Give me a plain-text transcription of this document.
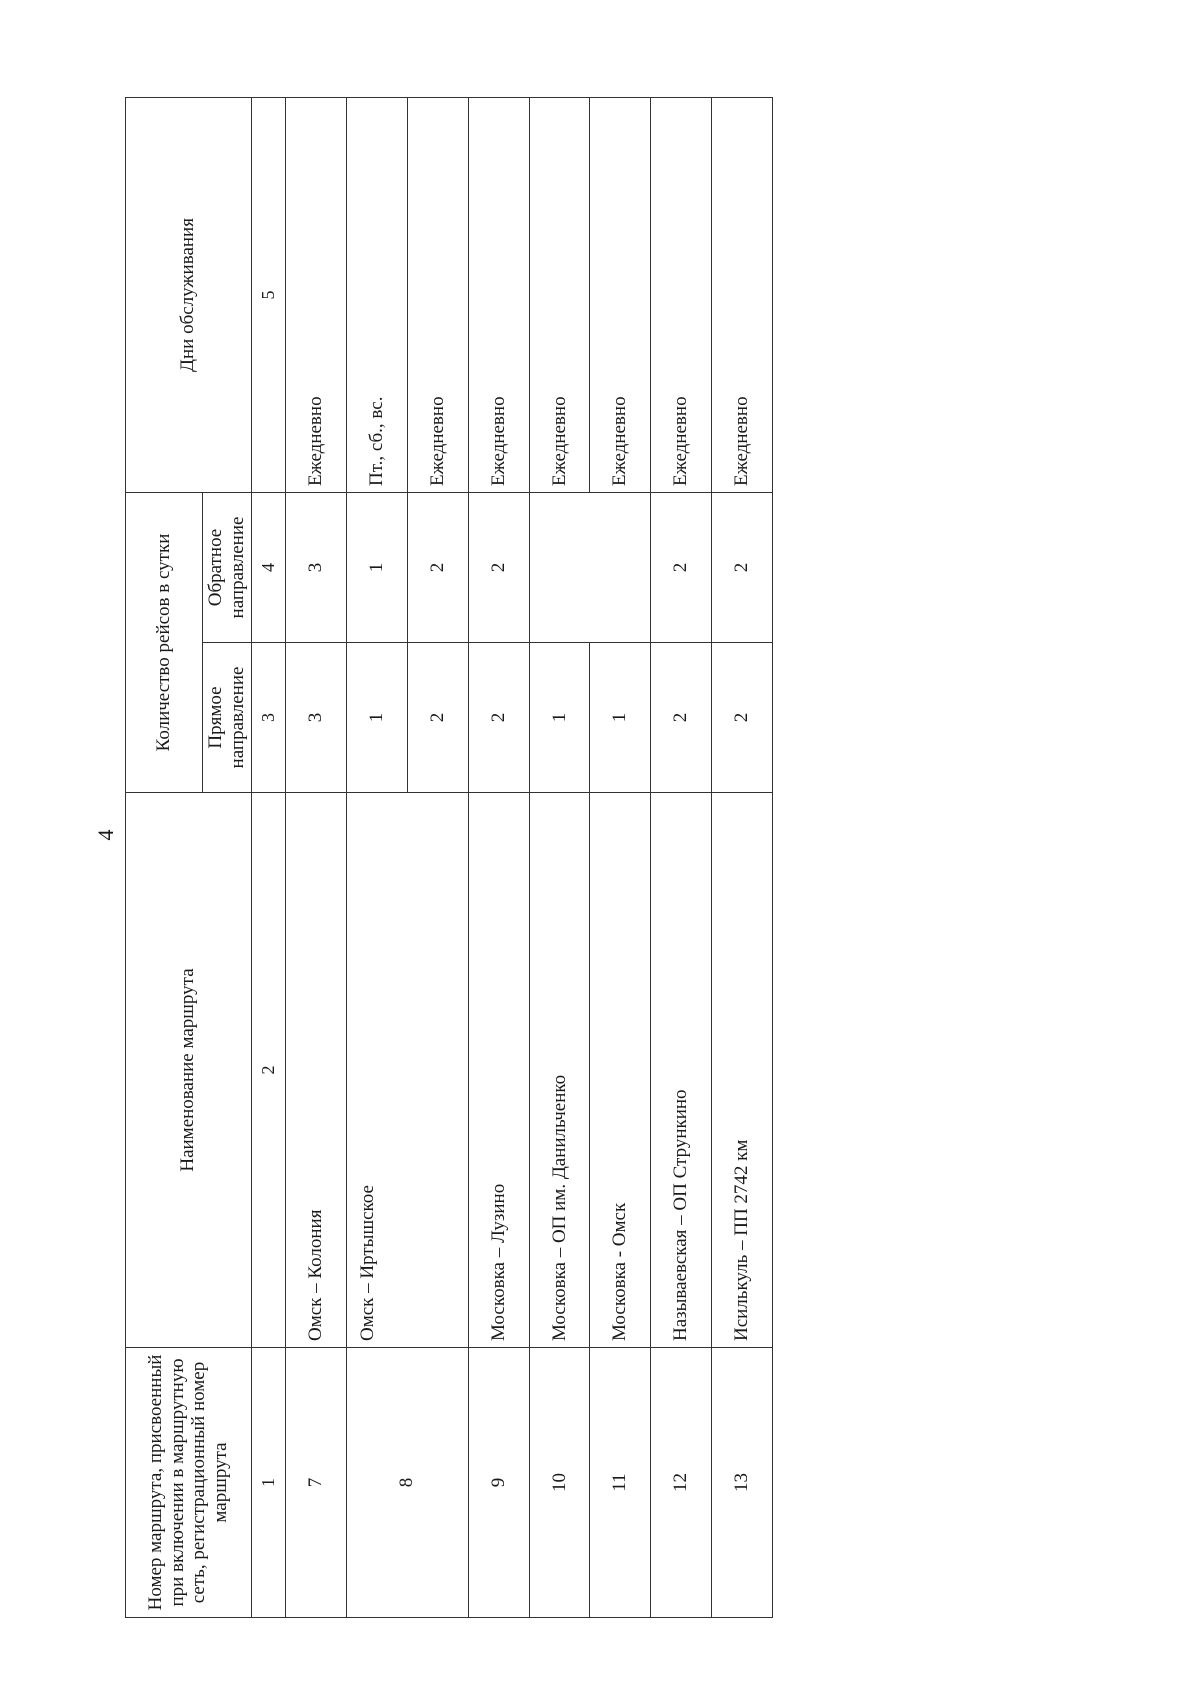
4
Номер маршрута, присвоенный при включении в маршрутную сеть, регистрационный номер маршрута	Наименование маршрута	Количество рейсов в сутки		Дни обслуживания
		Прямое направление	Обратное направление	
1	2	3	4	5
7	Омск – Колония	3	3	Ежедневно
8	Омск – Иртышское	1	1	Пт., сб., вс.
		2	2	Ежедневно
9	Московка – Лузино	2	2	Ежедневно
10	Московка – ОП им. Данильченко	1		Ежедневно
11	Московка - Омск	1		Ежедневно
12	Называевская – ОП Стрункино	2	2	Ежедневно
13	Исилькуль – ПП 2742 км	2	2	Ежедневно
